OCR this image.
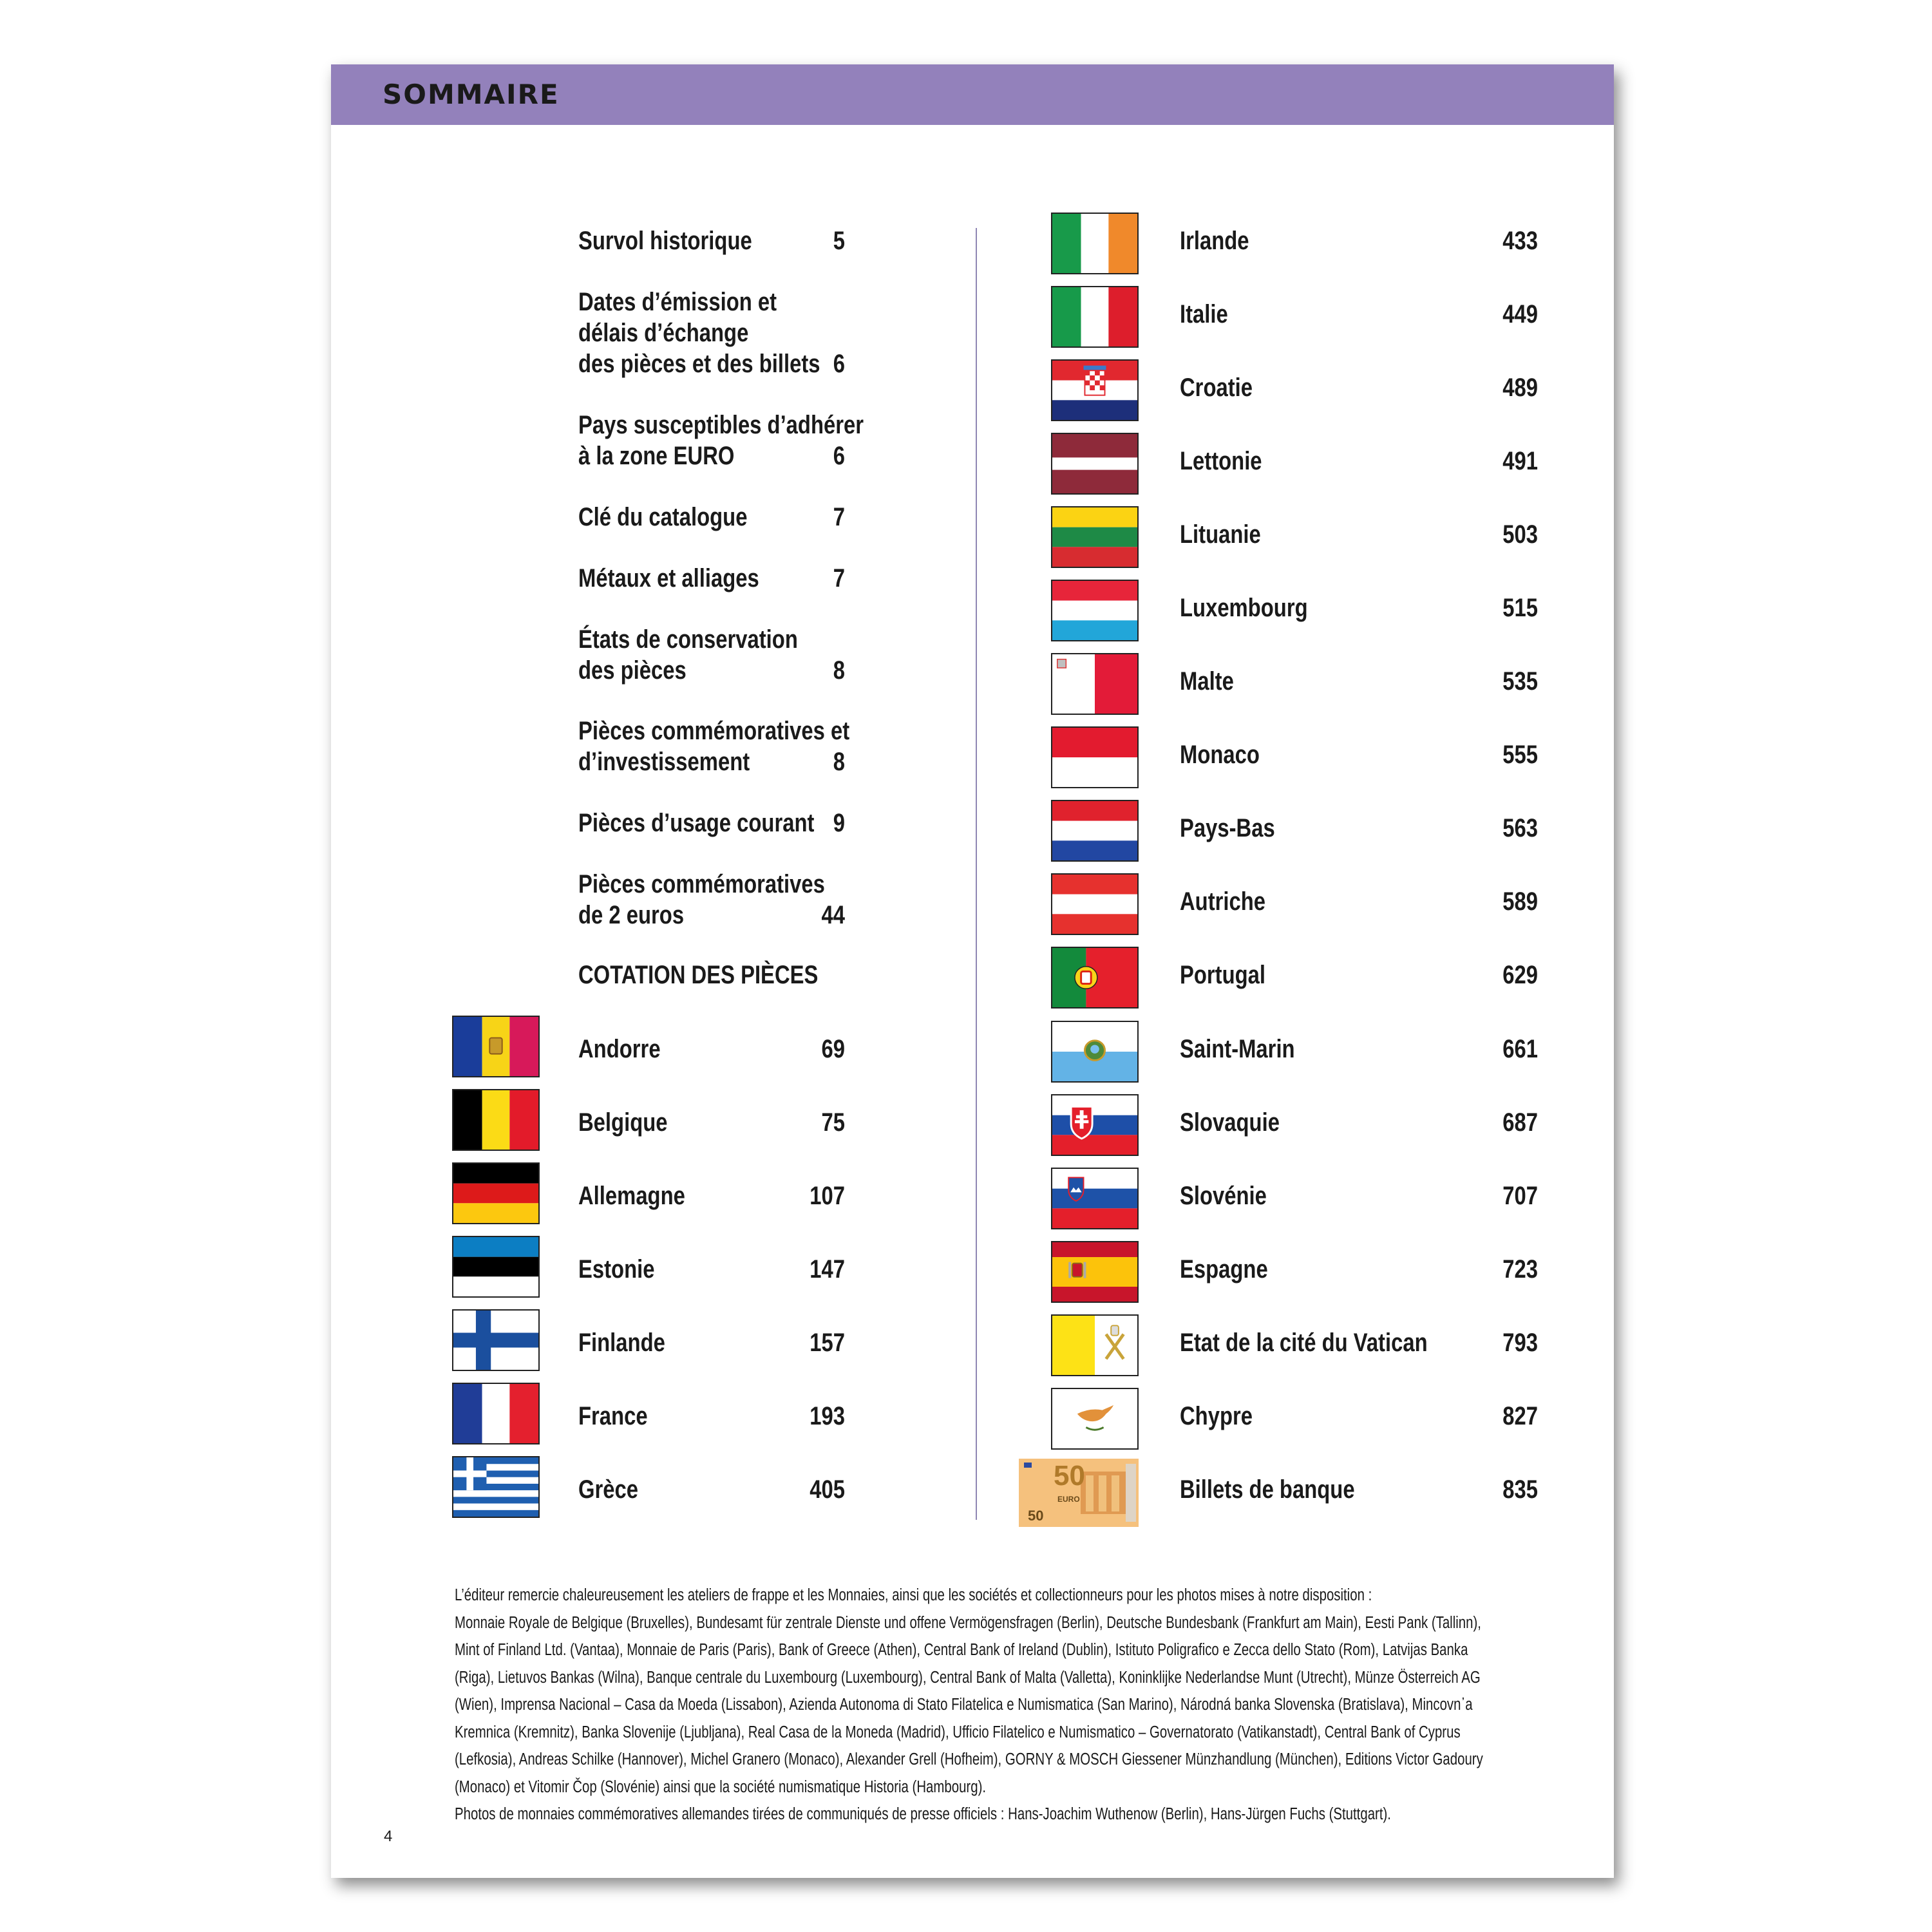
SOMMAIRE
Survol historique	5
Dates d’émission et
délais d’échange
des pièces et des billets 6
Pays susceptibles d’adhérer
à la zone EURO	6
Clé du catalogue	7
Métaux et alliages	7
États de conservation
des pièces	8
Pièces commémoratives et
d’investissement	8
Pièces d’usage courant 9
Pièces commémoratives
de 2 euros	44
COTATION DES PIÈCES
Andorre	69
Belgique	75
Allemagne	107
Estonie	147
Finlande	157
France	193
Grèce	405
Irlande	433
Italie	449
Croatie	489
Lettonie	491
Lituanie	503
Luxembourg	515
Malte	535
Monaco	555
Pays-Bas	563
Autriche	589
Portugal	629
Saint-Marin	661
Slovaquie	687
Slovénie	707
Espagne	723
Etat de la cité du Vatican	793
Chypre	827
Billets de banque	835
50
50
EURO

L’éditeur remercie chaleureusement les ateliers de frappe et les Monnaies, ainsi que les sociétés et collectionneurs pour les photos mises à notre disposition :

Monnaie Royale de Belgique (Bruxelles), Bundesamt für zentrale Dienste und offene Vermögensfragen (Berlin), Deutsche Bundesbank (Frankfurt am Main), Eesti Pank (Tallinn),

Mint of Finland Ltd. (Vantaa), Monnaie de Paris (Paris), Bank of Greece (Athen), Central Bank of Ireland (Dublin), Istituto Poligrafico e Zecca dello Stato (Rom), Latvijas Banka

(Riga), Lietuvos Bankas (Wilna), Banque centrale du Luxembourg (Luxembourg), Central Bank of Malta (Valletta), Koninklijke Nederlandse Munt (Utrecht), Münze Österreich AG

(Wien), Imprensa Nacional – Casa da Moeda (Lissabon), Azienda Autonoma di Stato Filatelica e Numismatica (San Marino), Národná banka Slovenska (Bratislava), Mincovn᾽a

Kremnica (Kremnitz), Banka Slovenije (Ljubljana), Real Casa de la Moneda (Madrid), Ufficio Filatelico e Numismatico – Governatorato (Vatikanstadt), Central Bank of Cyprus

(Lefkosia), Andreas Schilke (Hannover), Michel Granero (Monaco), Alexander Grell (Hofheim), GORNY & MOSCH Giessener Münzhandlung (München), Editions Victor Gadoury

(Monaco) et Vitomir Čop (Slovénie) ainsi que la société numismatique Historia (Hambourg).

Photos de monnaies commémoratives allemandes tirées de communiqués de presse officiels : Hans-Joachim Wuthenow (Berlin), Hans-Jürgen Fuchs (Stuttgart).

4
